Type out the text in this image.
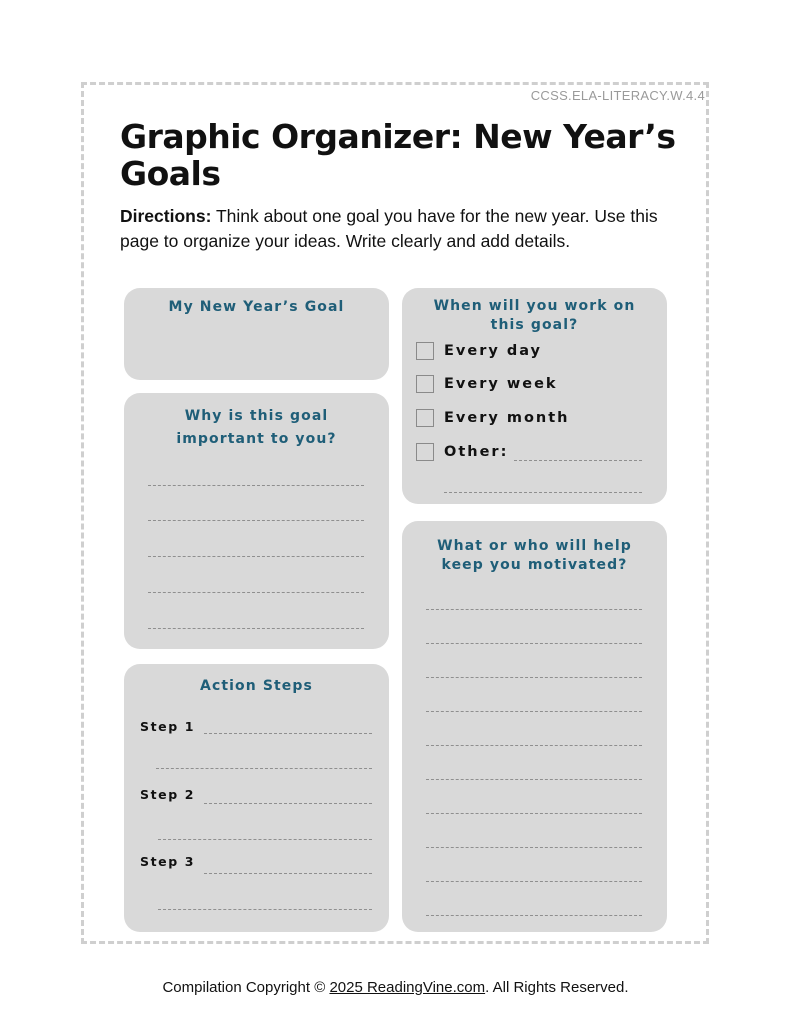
CCSS.ELA-LITERACY.W.4.4
Graphic Organizer: New Year’s Goals

Directions: Think about one goal you have for the new year. Use this page to organize your ideas. Write clearly and add details.

My New Year’s Goal
Why is this goal important to you?
Action Steps
Step 1
Step 2
Step 3
When will you work on this goal?
Every day
Every week
Every month
Other:
What or who will help keep you motivated?
Compilation Copyright © 2025 ReadingVine.com. All Rights Reserved.
